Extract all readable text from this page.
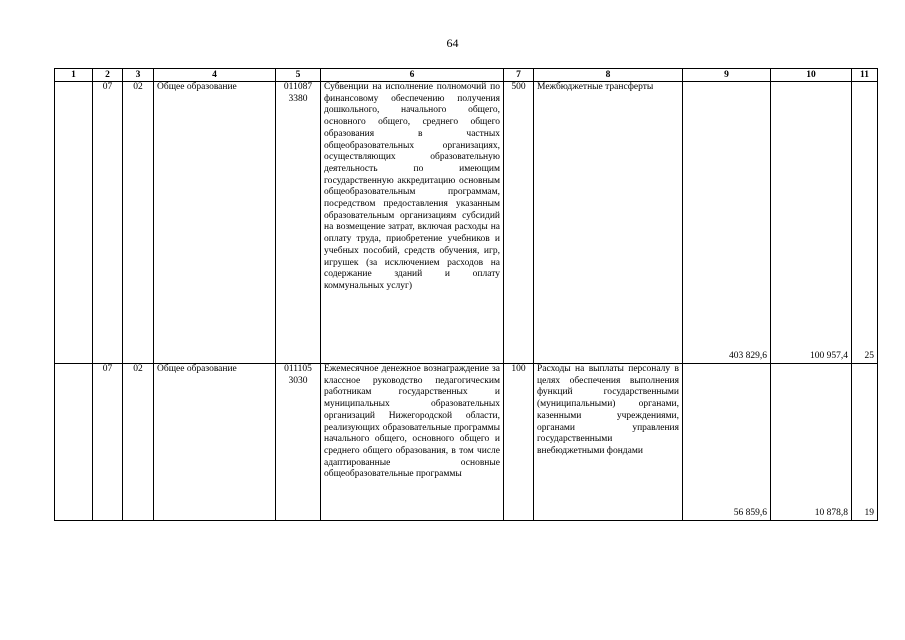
64
1	2	3	4	5	6	7	8	9	10	11
	07	02	Общее образование	011087 3380	Субвенции на исполнение полномочий по финансовому обеспечению получения дошкольного, начального общего, основного общего, среднего общего образования в частных общеобразовательных организациях, осуществляющих образовательную деятельность по имеющим государственную аккредитацию основным общеобразовательным программам, посредством предоставления указанным образовательным организациям субсидий на возмещение затрат, включая расходы на оплату труда, приобретение учебников и учебных пособий, средств обучения, игр, игрушек (за исключением расходов на содержание зданий и оплату коммунальных услуг)	500	Межбюджетные трансферты	403 829,6	100 957,4	25
	07	02	Общее образование	011105 3030	Ежемесячное денежное вознаграждение за классное руководство педагогическим работникам государственных и муниципальных образовательных организаций Нижегородской области, реализующих образовательные программы начального общего, основного общего и среднего общего образования, в том числе адаптированные основные общеобразовательные программы	100	Расходы на выплаты персоналу в целях обеспечения выполнения функций государственными (муниципальными) органами, казенными учреждениями, органами управления государственными внебюджетными фондами	56 859,6	10 878,8	19
